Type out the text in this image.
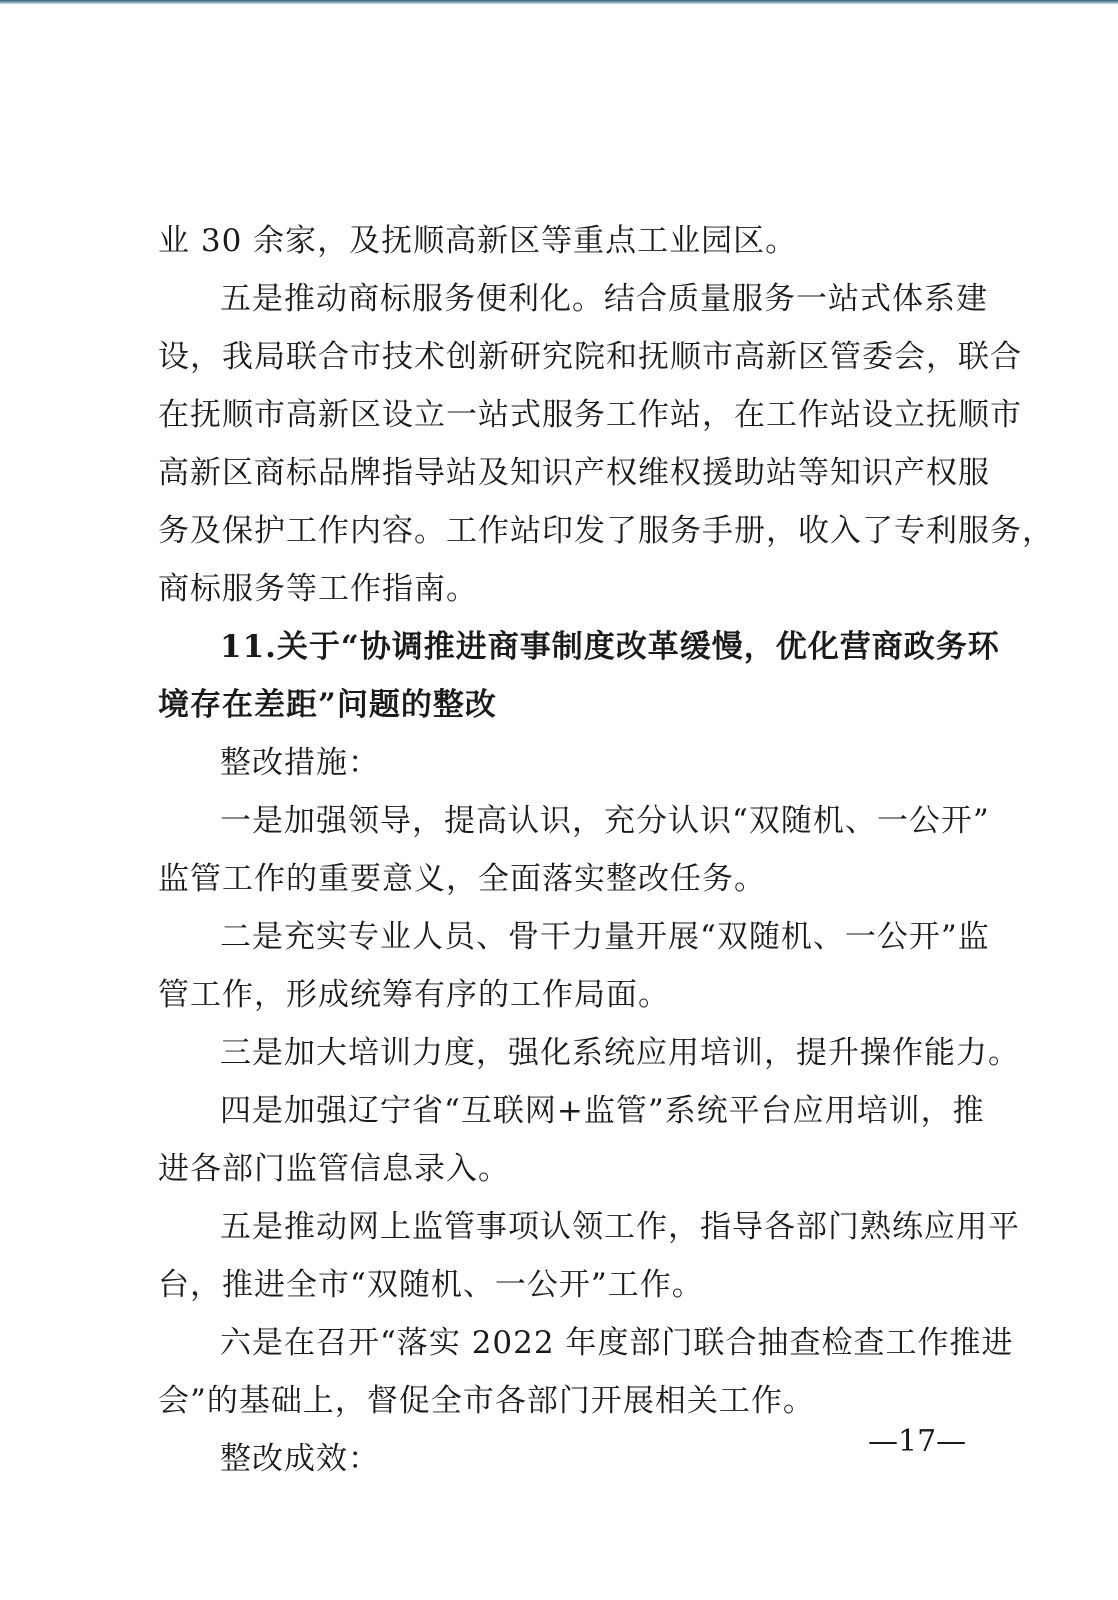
业 30 余家，及抚顺高新区等重点工业园区。
五是推动商标服务便利化。结合质量服务一站式体系建
设，我局联合市技术创新研究院和抚顺市高新区管委会，联合
在抚顺市高新区设立一站式服务工作站，在工作站设立抚顺市
高新区商标品牌指导站及知识产权维权援助站等知识产权服
务及保护工作内容。工作站印发了服务手册，收入了专利服务，
商标服务等工作指南。
11.关于“协调推进商事制度改革缓慢，优化营商政务环
境存在差距”问题的整改
整改措施：
一是加强领导，提高认识，充分认识“双随机、一公开”
监管工作的重要意义，全面落实整改任务。
二是充实专业人员、骨干力量开展“双随机、一公开”监
管工作，形成统筹有序的工作局面。
三是加大培训力度，强化系统应用培训，提升操作能力。
四是加强辽宁省“互联网+监管”系统平台应用培训，推
进各部门监管信息录入。
五是推动网上监管事项认领工作，指导各部门熟练应用平
台，推进全市“双随机、一公开”工作。
六是在召开“落实 2022 年度部门联合抽查检查工作推进
会”的基础上，督促全市各部门开展相关工作。
整改成效：	—17—
